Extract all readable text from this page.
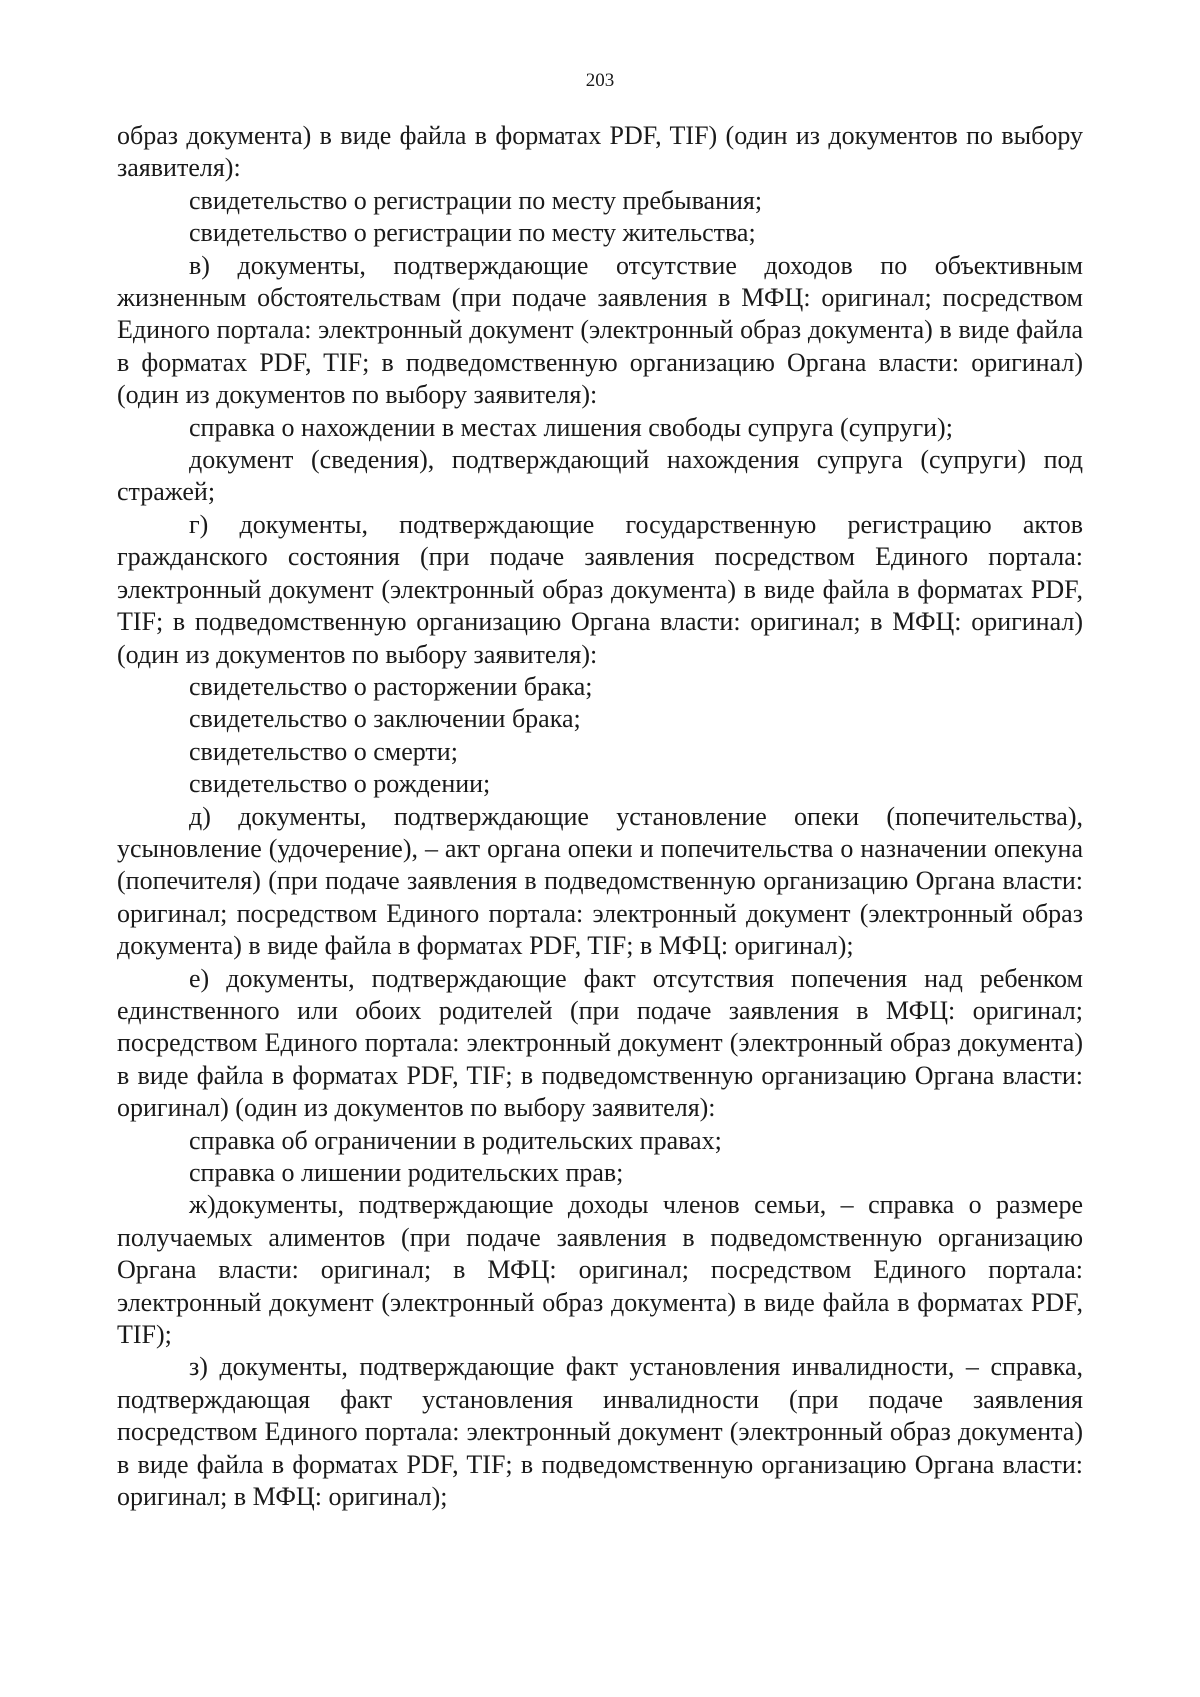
203

образ документа) в виде файла в форматах PDF, TIF) (один из документов по выбору заявителя):

свидетельство о регистрации по месту пребывания;

свидетельство о регистрации по месту жительства;

в) документы, подтверждающие отсутствие доходов по объективным жизненным обстоятельствам (при подаче заявления в МФЦ: оригинал; посредством Единого портала: электронный документ (электронный образ документа) в виде файла в форматах PDF, TIF; в подведомственную организацию Органа власти: оригинал) (один из документов по выбору заявителя):

справка о нахождении в местах лишения свободы супруга (супруги);

документ (сведения), подтверждающий нахождения супруга (супруги) под стражей;

г) документы, подтверждающие государственную регистрацию актов гражданского состояния (при подаче заявления посредством Единого портала: электронный документ (электронный образ документа) в виде файла в форматах PDF, TIF; в подведомственную организацию Органа власти: оригинал; в МФЦ: оригинал) (один из документов по выбору заявителя):

свидетельство о расторжении брака;

свидетельство о заключении брака;

свидетельство о смерти;

свидетельство о рождении;

д) документы, подтверждающие установление опеки (попечительства), усыновление (удочерение), – акт органа опеки и попечительства о назначении опекуна (попечителя) (при подаче заявления в подведомственную организацию Органа власти: оригинал; посредством Единого портала: электронный документ (электронный образ документа) в виде файла в форматах PDF, TIF; в МФЦ: оригинал);

е) документы, подтверждающие факт отсутствия попечения над ребенком единственного или обоих родителей (при подаче заявления в МФЦ: оригинал; посредством Единого портала: электронный документ (электронный образ документа) в виде файла в форматах PDF, TIF; в подведомственную организацию Органа власти: оригинал) (один из документов по выбору заявителя):

справка об ограничении в родительских правах;

справка о лишении родительских прав;

ж)документы, подтверждающие доходы членов семьи, – справка о размере получаемых алиментов (при подаче заявления в подведомственную организацию Органа власти: оригинал; в МФЦ: оригинал; посредством Единого портала: электронный документ (электронный образ документа) в виде файла в форматах PDF, TIF);

з) документы, подтверждающие факт установления инвалидности, – справка, подтверждающая факт установления инвалидности (при подаче заявления посредством Единого портала: электронный документ (электронный образ документа) в виде файла в форматах PDF, TIF; в подведомственную организацию Органа власти: оригинал; в МФЦ: оригинал);
